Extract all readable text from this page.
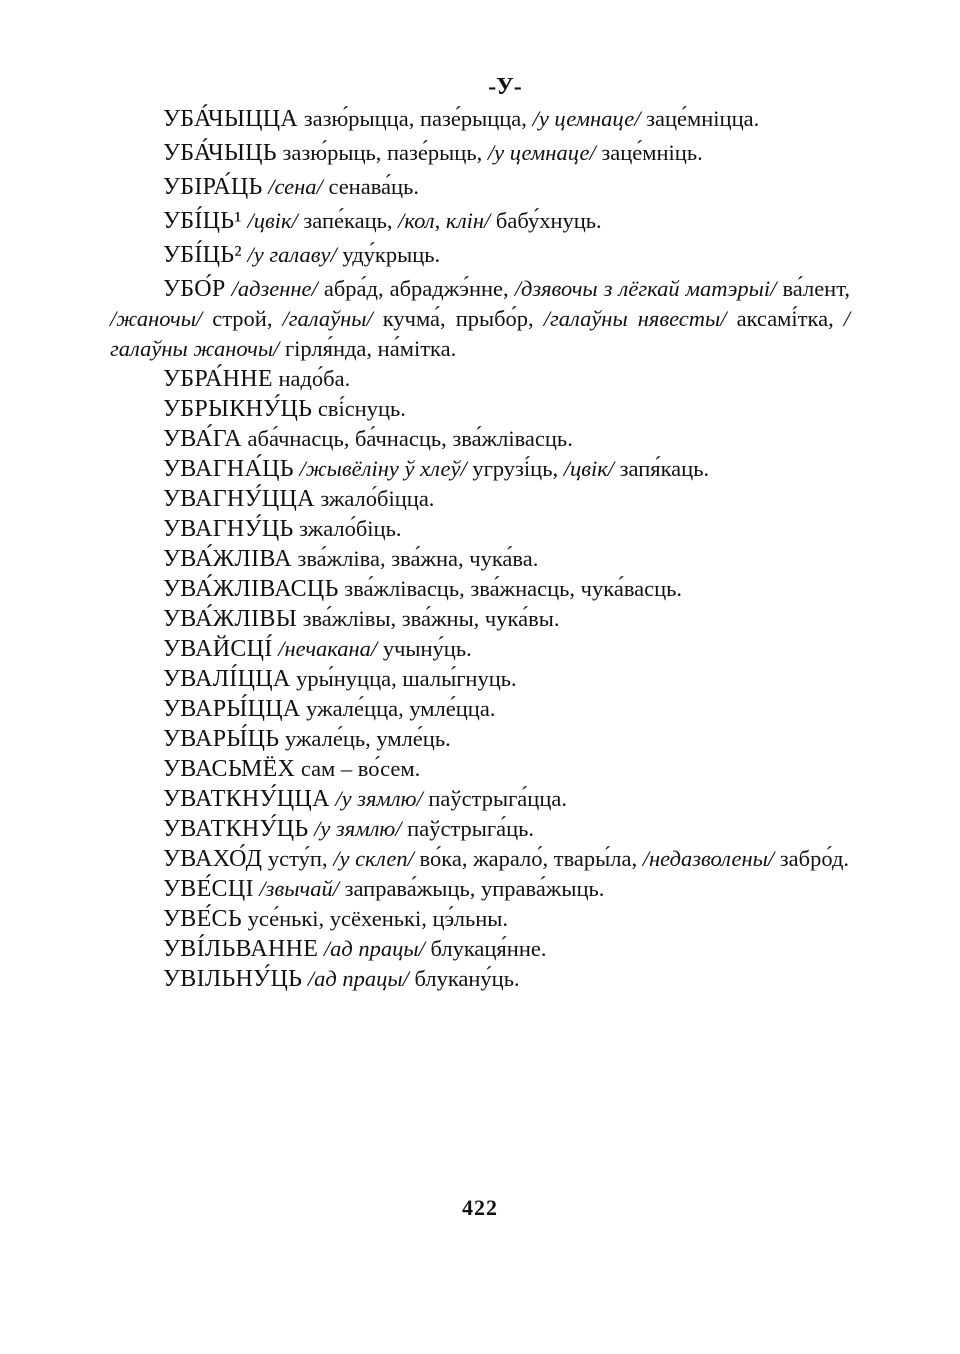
-У-

УБА́ЧЫЦЦА зазю́рыцца, пазе́рыцца, /у цемнаце/ заце́мніцца.

УБА́ЧЫЦЬ зазю́рыць, пазе́рыць, /у цемнаце/ заце́мніць.

УБІРА́ЦЬ /сена/ сенава́ць.

УБІ́ЦЬ¹ /цвік/ запе́каць, /кол, клін/ бабу́хнуць.

УБІ́ЦЬ² /у галаву/ уду́крыць.

УБО́Р /адзенне/ абра́д, абраджэ́нне, /дзявочы з лёгкай матэрыі/ ва́лент, /жаночы/ строй, /галаўны/ кучма́, прыбо́р, /галаўны нявесты/ аксамі́тка, /галаўны жаночы/ гірля́нда, на́мітка.

УБРА́ННЕ надо́ба.

УБРЫКНУ́ЦЬ сві́снуць.

УВА́ГА аба́чнасць, ба́чнасць, зва́жлівасць.

УВАГНА́ЦЬ /жывёліну ў хлеў/ угрузі́ць, /цвік/ запя́каць.

УВАГНУ́ЦЦА зжало́біцца.

УВАГНУ́ЦЬ зжало́біць.

УВА́ЖЛІВА зва́жліва, зва́жна, чука́ва.

УВА́ЖЛІВАСЦЬ зва́жлівасць, зва́жнасць, чука́васць.

УВА́ЖЛІВЫ зва́жлівы, зва́жны, чука́вы.

УВАЙСЦІ́ /нечакана/ учыну́ць.

УВАЛІ́ЦЦА уры́нуцца, шалы́гнуць.

УВАРЫ́ЦЦА ужале́цца, умле́цца.

УВАРЫ́ЦЬ ужале́ць, умле́ць.

УВАСЬМЁХ сам – во́сем.

УВАТКНУ́ЦЦА /у зямлю/ паўстрыга́цца.

УВАТКНУ́ЦЬ /у зямлю/ паўстрыга́ць.

УВАХО́Д усту́п, /у склеп/ во́ка, жарало́, твары́ла, /недазволены/ забро́д.

УВЕ́СЦІ /звычай/ заправа́жыць, управа́жыць.

УВЕ́СЬ усе́нькі, усёхенькі, цэ́льны.

УВІ́ЛЬВАННЕ /ад працы/ блукаця́нне.

УВІЛЬНУ́ЦЬ /ад працы/ блукану́ць.

422
